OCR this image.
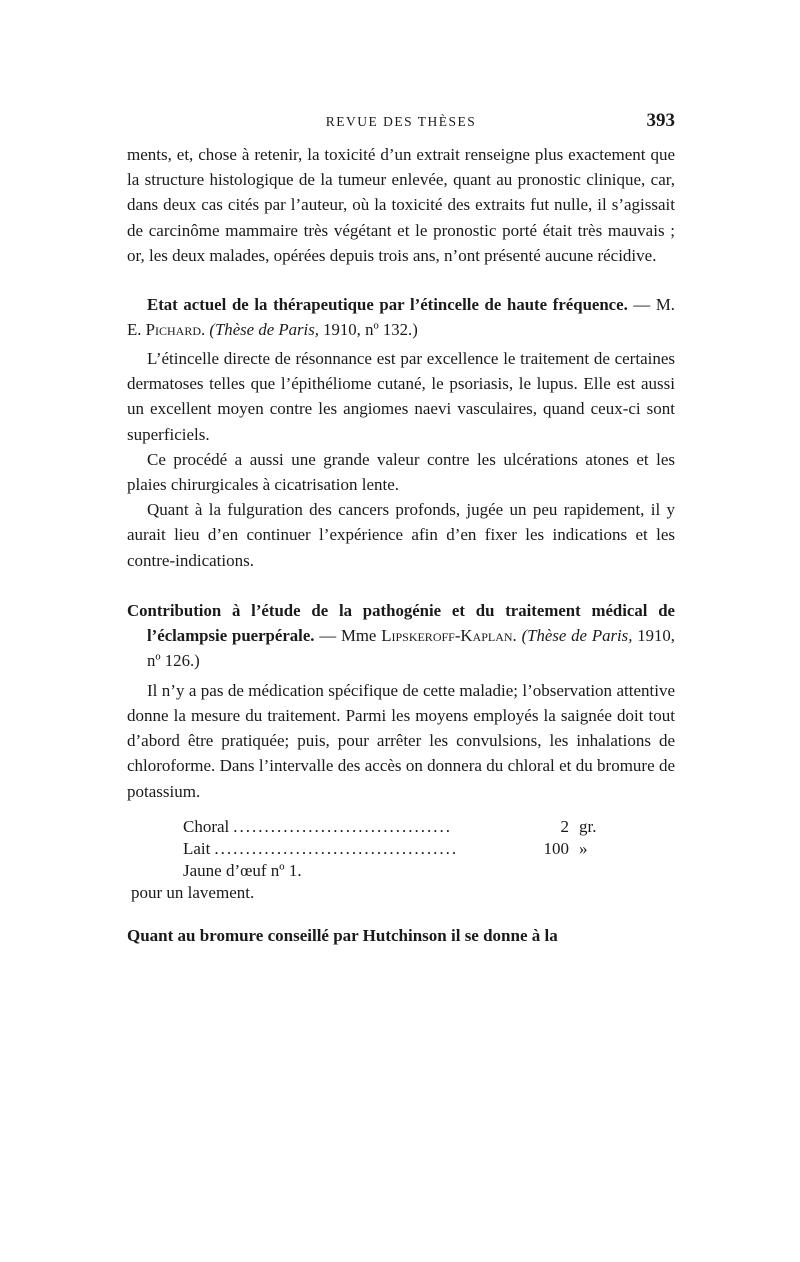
REVUE DES THÈSES	393

ments, et, chose à retenir, la toxicité d’un extrait renseigne plus exactement que la structure histologique de la tumeur enlevée, quant au pronostic clinique, car, dans deux cas cités par l’auteur, où la toxicité des extraits fut nulle, il s’agissait de carcinôme mammaire très végétant et le pronostic porté était très mauvais ; or, les deux malades, opérées depuis trois ans, n’ont présenté aucune récidive.

Etat actuel de la thérapeutique par l’étincelle de haute fréquence. — M. E. Pichard. (Thèse de Paris, 1910, nº 132.)

L’étincelle directe de résonnance est par excellence le traitement de certaines dermatoses telles que l’épithéliome cutané, le psoriasis, le lupus. Elle est aussi un excellent moyen contre les angiomes naevi vasculaires, quand ceux-ci sont superficiels.

Ce procédé a aussi une grande valeur contre les ulcérations atones et les plaies chirurgicales à cicatrisation lente.

Quant à la fulguration des cancers profonds, jugée un peu rapidement, il y aurait lieu d’en continuer l’expérience afin d’en fixer les indications et les contre-indications.

Contribution à l’étude de la pathogénie et du traitement médical de l’éclampsie puerpérale. — Mme Lipskeroff-Kaplan. (Thèse de Paris, 1910, nº 126.)

Il n’y a pas de médication spécifique de cette maladie; l’observation attentive donne la mesure du traitement. Parmi les moyens employés la saignée doit tout d’abord être pratiquée; puis, pour arrêter les convulsions, les inhalations de chloroforme. Dans l’intervalle des accès on donnera du chloral et du bromure de potassium.

Choral ...................................	2 gr.
Lait .......................................	100 »
Jaune d’œuf nº 1.
pour un lavement.

Quant au bromure conseillé par Hutchinson il se donne à la
